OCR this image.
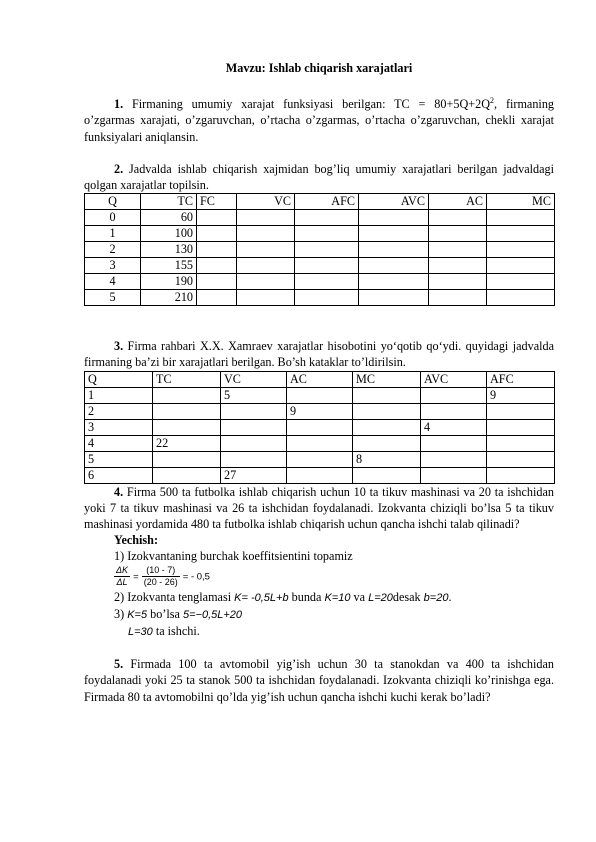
Mavzu: Ishlab chiqarish xarajatlari

1. Firmaning umumiy xarajat funksiyasi berilgan: TC = $80+5Q+2Q^2$, firmaning o’zgarmas xarajati, o’zgaruvchan, o’rtacha o’zgarmas, o’rtacha o’zgaruvchan, chekli xarajat funksiyalari aniqlansin.

2. Jadvalda ishlab chiqarish xajmidan bog’liq umumiy xarajatlari berilgan jadvaldagi qolgan xarajatlar topilsin.

Q	TC	FC	VC	AFC	AVC	AC	MC
0	60						
1	100						
2	130						
3	155						
4	190						
5	210						

3. Firma rahbari X.X. Xamraev xarajatlar hisobotini yo‘qotib qo‘ydi. quyidagi jadvalda firmaning ba’zi bir xarajatlari berilgan. Bo’sh kataklar to’ldirilsin.

Q	TC	VC	AC	MC	AVC	AFC
1		5				9
2			9			
3					4	
4	22					
5				8		
6		27				

4. Firma 500 ta futbolka ishlab chiqarish uchun 10 ta tikuv mashinasi va 20 ta ishchidan yoki 7 ta tikuv mashinasi va 26 ta ishchidan foydalanadi. Izokvanta chiziqli bo’lsa 5 ta tikuv mashinasi yordamida 480 ta futbolka ishlab chiqarish uchun qancha ishchi talab qilinadi?

Yechish:
1) Izokvantaning burchak koeffitsientini topamiz
$\frac{\Delta K}{\Delta L} = \frac{(10 - 7)}{(20 - 26)}$ = - 0,5
2) Izokvanta tenglamasi K= -0,5L+b bunda K=10 va L=20desak b=20.
3) K=5 bo’lsa 5=−0,5L+20
L=30 ta ishchi.

5. Firmada 100 ta avtomobil yig’ish uchun 30 ta stanokdan va 400 ta ishchidan foydalanadi yoki 25 ta stanok 500 ta ishchidan foydalanadi. Izokvanta chiziqli ko’rinishga ega. Firmada 80 ta avtomobilni qo’lda yig’ish uchun qancha ishchi kuchi kerak bo’ladi?
